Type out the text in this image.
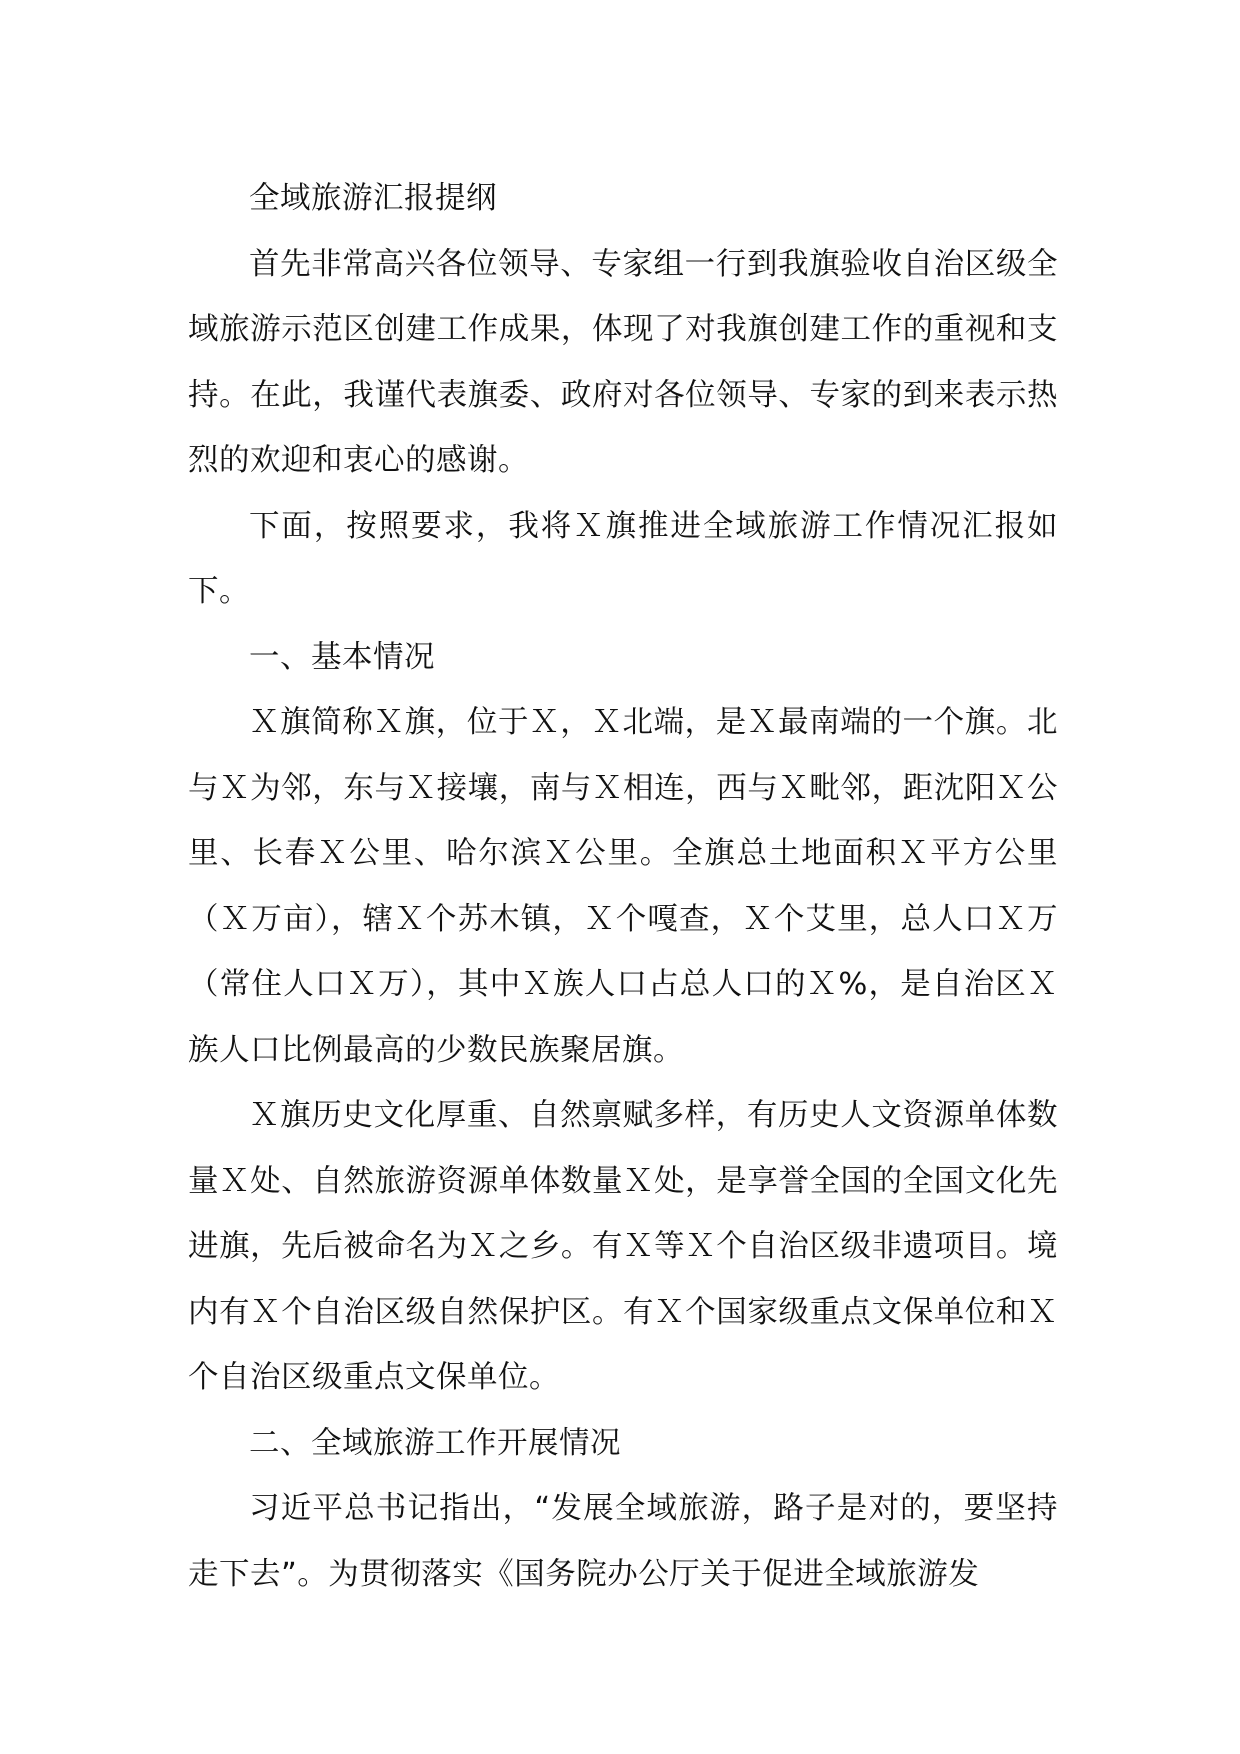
全域旅游汇报提纲

首先非常高兴各位领导、专家组一行到我旗验收自治区级全域旅游示范区创建工作成果，体现了对我旗创建工作的重视和支持。在此，我谨代表旗委、政府对各位领导、专家的到来表示热烈的欢迎和衷心的感谢。

下面，按照要求，我将Ｘ旗推进全域旅游工作情况汇报如下。

一、基本情况

Ｘ旗简称Ｘ旗，位于Ｘ，Ｘ北端，是Ｘ最南端的一个旗。北与Ｘ为邻，东与Ｘ接壤，南与Ｘ相连，西与Ｘ毗邻，距沈阳Ｘ公里、长春Ｘ公里、哈尔滨Ｘ公里。全旗总土地面积Ｘ平方公里（Ｘ万亩），辖Ｘ个苏木镇，Ｘ个嘎查，Ｘ个艾里，总人口Ｘ万（常住人口Ｘ万），其中Ｘ族人口占总人口的Ｘ%，是自治区Ｘ族人口比例最高的少数民族聚居旗。

Ｘ旗历史文化厚重、自然禀赋多样，有历史人文资源单体数量Ｘ处、自然旅游资源单体数量Ｘ处，是享誉全国的全国文化先进旗，先后被命名为Ｘ之乡。有Ｘ等Ｘ个自治区级非遗项目。境内有Ｘ个自治区级自然保护区。有Ｘ个国家级重点文保单位和Ｘ个自治区级重点文保单位。

二、全域旅游工作开展情况

习近平总书记指出，“发展全域旅游，路子是对的，要坚持走下去”。为贯彻落实《国务院办公厅关于促进全域旅游发
